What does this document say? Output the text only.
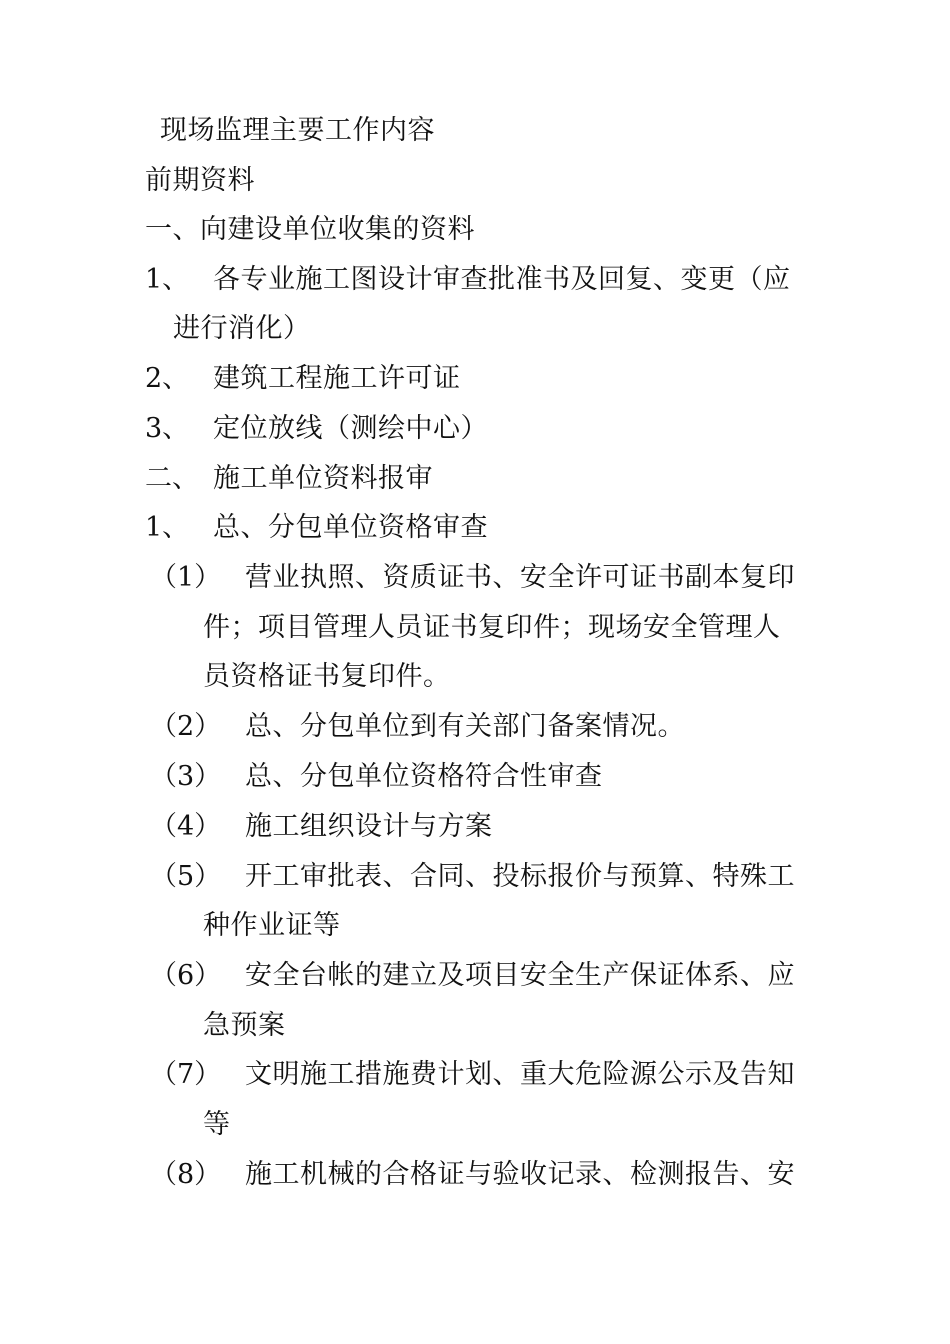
现场监理主要工作内容
前期资料
一、向建设单位收集的资料
1、 各专业施工图设计审查批准书及回复、变更（应
进行消化）
2、 建筑工程施工许可证
3、 定位放线（测绘中心）
二、 施工单位资料报审
1、 总、分包单位资格审查
（1） 营业执照、资质证书、安全许可证书副本复印
件；项目管理人员证书复印件；现场安全管理人
员资格证书复印件。
（2） 总、分包单位到有关部门备案情况。
（3） 总、分包单位资格符合性审查
（4） 施工组织设计与方案
（5） 开工审批表、合同、投标报价与预算、特殊工
种作业证等
（6） 安全台帐的建立及项目安全生产保证体系、应
急预案
（7） 文明施工措施费计划、重大危险源公示及告知
等
（8） 施工机械的合格证与验收记录、检测报告、安
